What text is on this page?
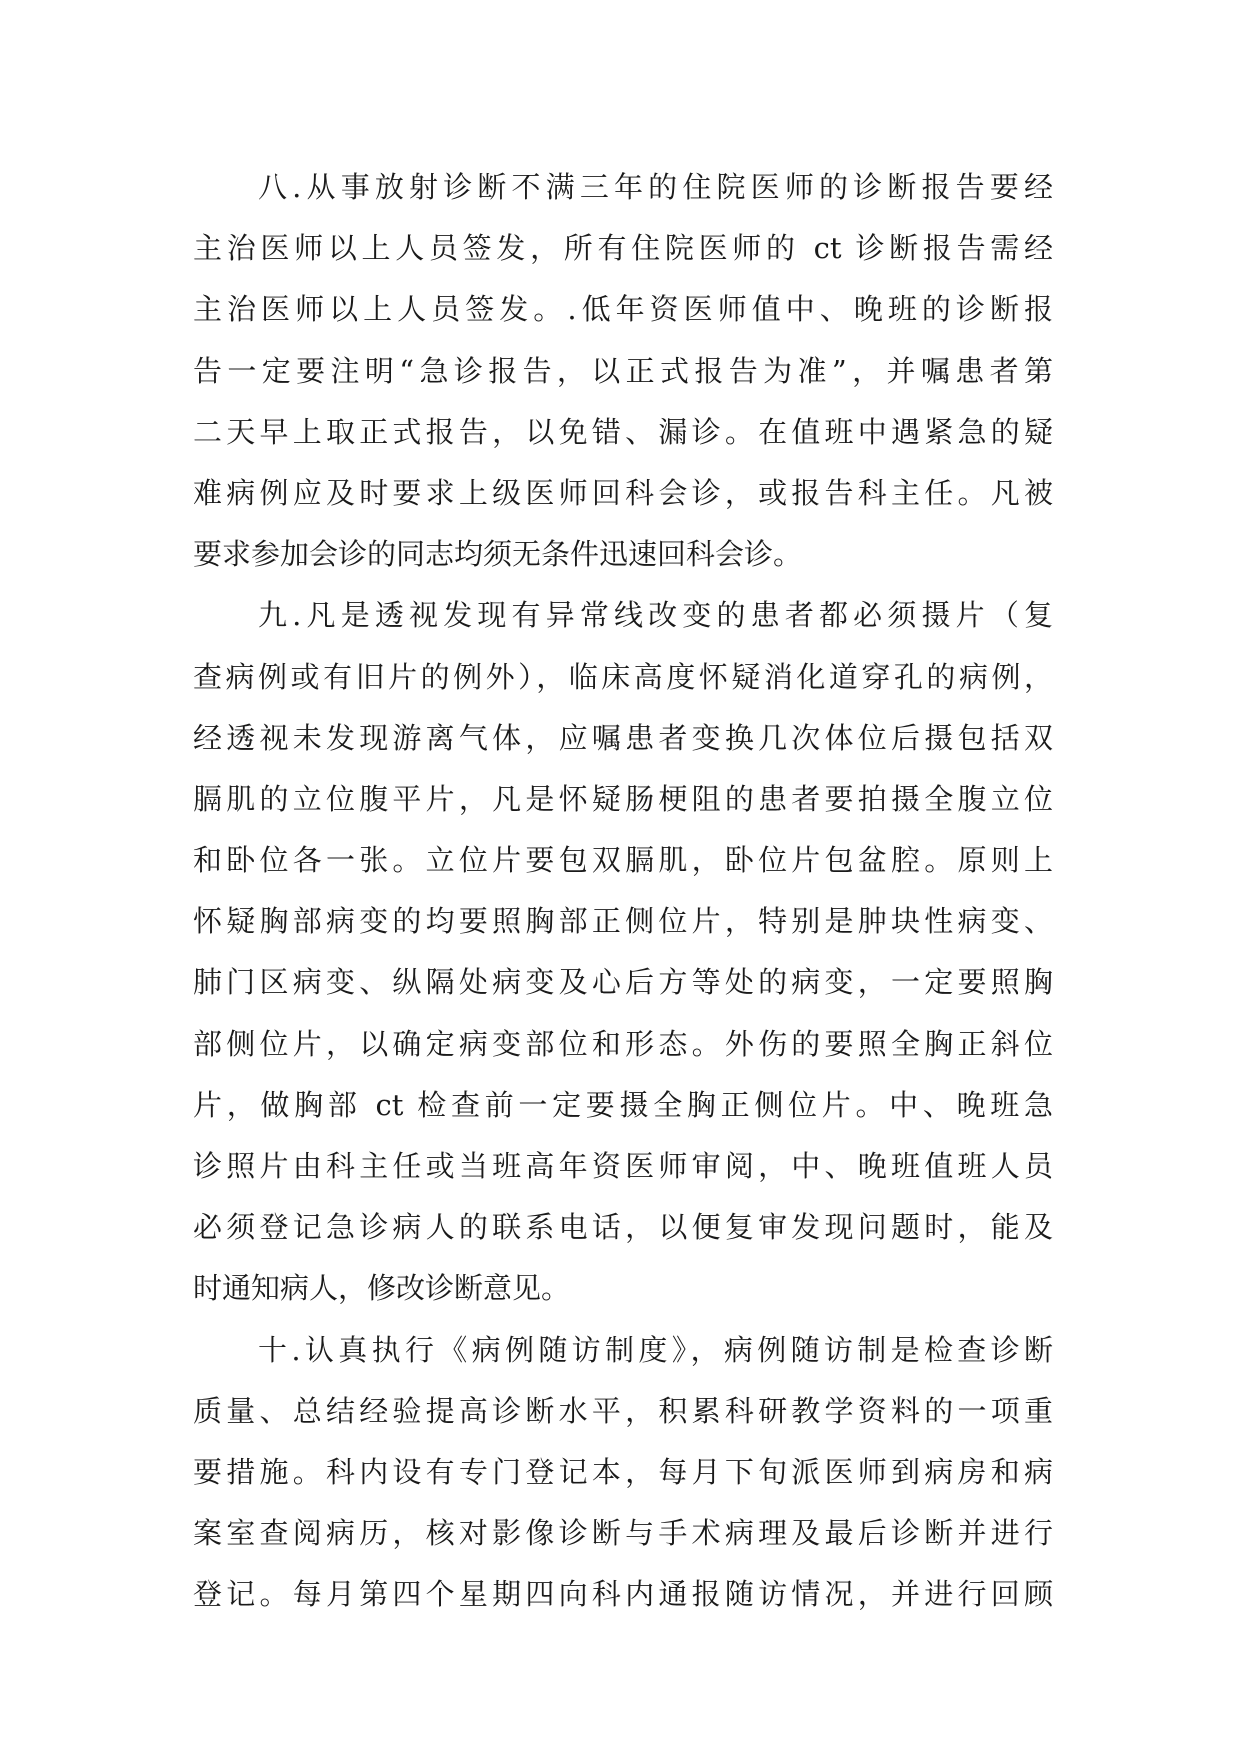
八.从事放射诊断不满三年的住院医师的诊断报告要经
主治医师以上人员签发，所有住院医师的 ct 诊断报告需经
主治医师以上人员签发。.低年资医师值中、晚班的诊断报
告一定要注明“急诊报告，以正式报告为准”，并嘱患者第
二天早上取正式报告，以免错、漏诊。在值班中遇紧急的疑
难病例应及时要求上级医师回科会诊，或报告科主任。凡被
要求参加会诊的同志均须无条件迅速回科会诊。
九.凡是透视发现有异常线改变的患者都必须摄片（复
查病例或有旧片的例外），临床高度怀疑消化道穿孔的病例，
经透视未发现游离气体，应嘱患者变换几次体位后摄包括双
膈肌的立位腹平片，凡是怀疑肠梗阻的患者要拍摄全腹立位
和卧位各一张。立位片要包双膈肌，卧位片包盆腔。原则上
怀疑胸部病变的均要照胸部正侧位片，特别是肿块性病变、
肺门区病变、纵隔处病变及心后方等处的病变，一定要照胸
部侧位片，以确定病变部位和形态。外伤的要照全胸正斜位
片，做胸部 ct 检查前一定要摄全胸正侧位片。中、晚班急
诊照片由科主任或当班高年资医师审阅，中、晚班值班人员
必须登记急诊病人的联系电话，以便复审发现问题时，能及
时通知病人，修改诊断意见。
十.认真执行《病例随访制度》，病例随访制是检查诊断
质量、总结经验提高诊断水平，积累科研教学资料的一项重
要措施。科内设有专门登记本，每月下旬派医师到病房和病
案室查阅病历，核对影像诊断与手术病理及最后诊断并进行
登记。每月第四个星期四向科内通报随访情况，并进行回顾
